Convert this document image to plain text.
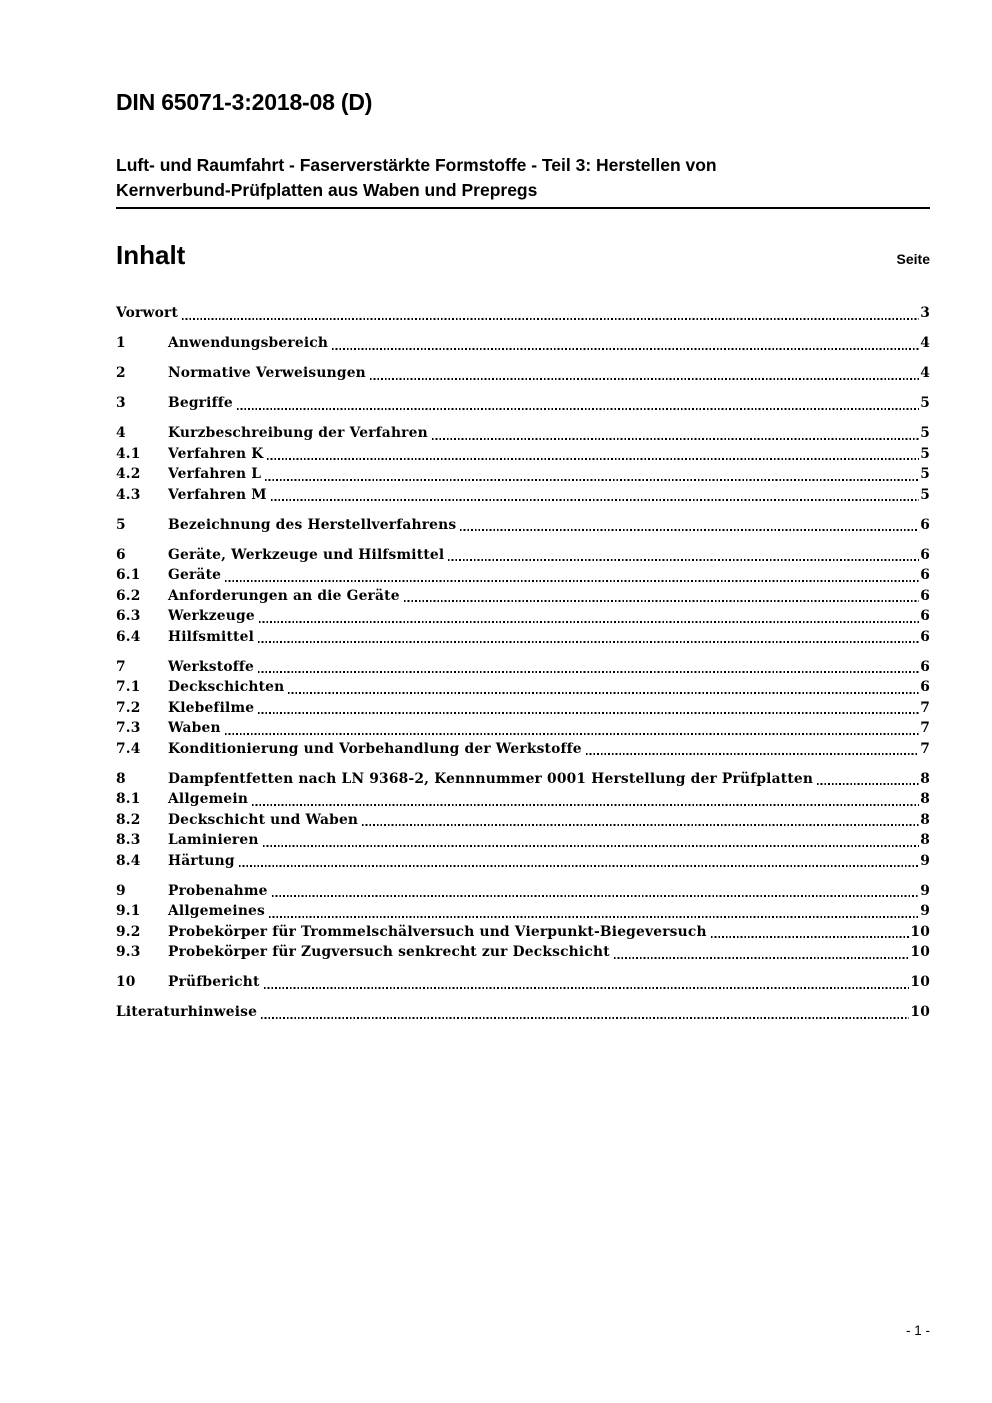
DIN 65071-3:2018-08 (D)
Luft- und Raumfahrt - Faserverstärkte Formstoffe - Teil 3: Herstellen von
Kernverbund-Prüfplatten aus Waben und Prepregs
Inhalt	Seite
Vorwort	3
1	Anwendungsbereich	4
2	Normative Verweisungen	4
3	Begriffe	5
4	Kurzbeschreibung der Verfahren	5
4.1	Verfahren K	5
4.2	Verfahren L	5
4.3	Verfahren M	5
5	Bezeichnung des Herstellverfahrens	6
6	Geräte, Werkzeuge und Hilfsmittel	6
6.1	Geräte	6
6.2	Anforderungen an die Geräte	6
6.3	Werkzeuge	6
6.4	Hilfsmittel	6
7	Werkstoffe	6
7.1	Deckschichten	6
7.2	Klebefilme	7
7.3	Waben	7
7.4	Konditionierung und Vorbehandlung der Werkstoffe	7
8	Dampfentfetten nach LN 9368-2, Kennnummer 0001 Herstellung der Prüfplatten	8
8.1	Allgemein	8
8.2	Deckschicht und Waben	8
8.3	Laminieren	8
8.4	Härtung	9
9	Probenahme	9
9.1	Allgemeines	9
9.2	Probekörper für Trommelschälversuch und Vierpunkt-Biegeversuch	10
9.3	Probekörper für Zugversuch senkrecht zur Deckschicht	10
10	Prüfbericht	10
Literaturhinweise	10
- 1 -
